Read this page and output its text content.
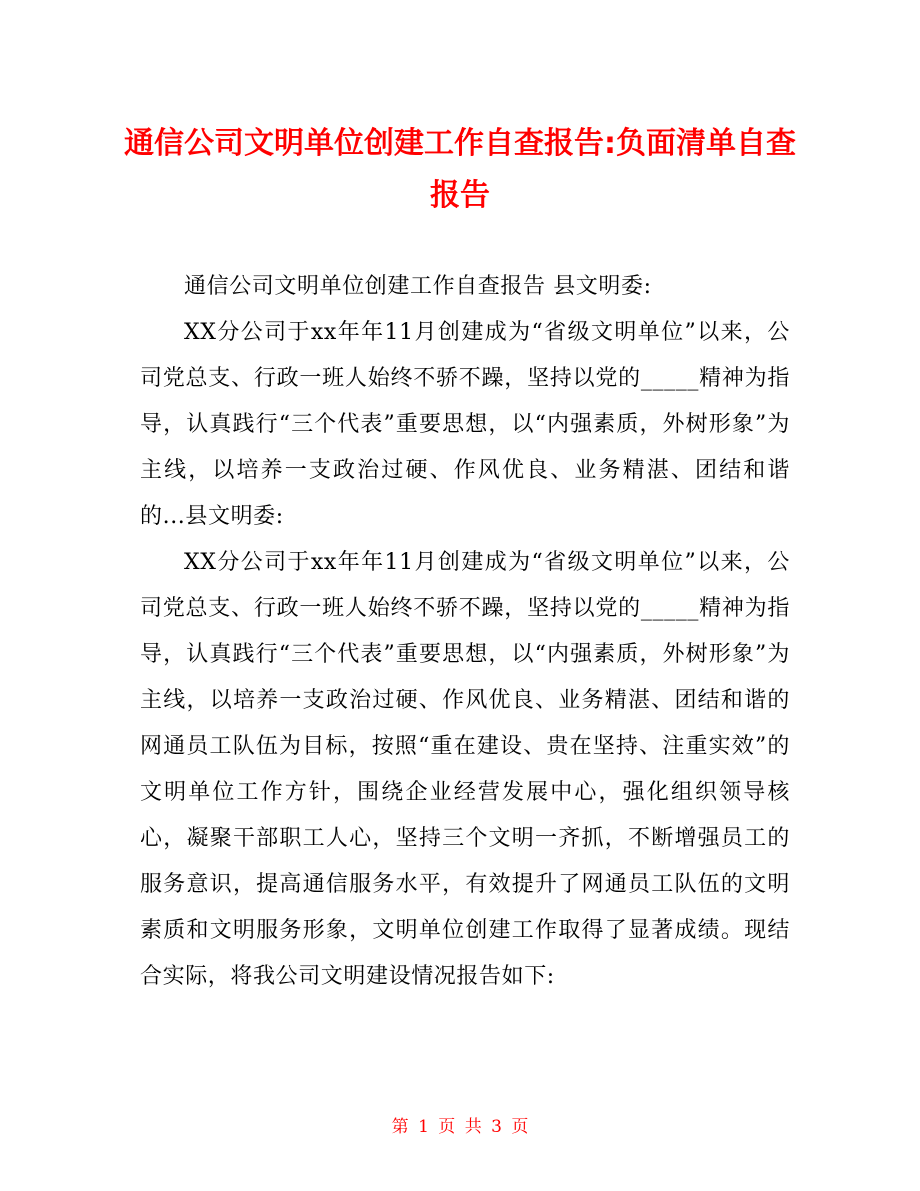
通信公司文明单位创建工作自查报告:负面清单自查报告

通信公司文明单位创建工作自查报告 县文明委:

XX分公司于xx年年11月创建成为“省级文明单位”以来，公司党总支、行政一班人始终不骄不躁，坚持以党的_____精神为指导，认真践行“三个代表”重要思想，以“内强素质，外树形象”为主线，以培养一支政治过硬、作风优良、业务精湛、团结和谐的...县文明委:

XX分公司于xx年年11月创建成为“省级文明单位”以来，公司党总支、行政一班人始终不骄不躁，坚持以党的_____精神为指导，认真践行“三个代表”重要思想，以“内强素质，外树形象”为主线，以培养一支政治过硬、作风优良、业务精湛、团结和谐的网通员工队伍为目标，按照“重在建设、贵在坚持、注重实效”的文明单位工作方针，围绕企业经营发展中心，强化组织领导核心，凝聚干部职工人心，坚持三个文明一齐抓，不断增强员工的服务意识，提高通信服务水平，有效提升了网通员工队伍的文明素质和文明服务形象，文明单位创建工作取得了显著成绩。现结合实际，将我公司文明建设情况报告如下:

第 1 页 共 3 页
